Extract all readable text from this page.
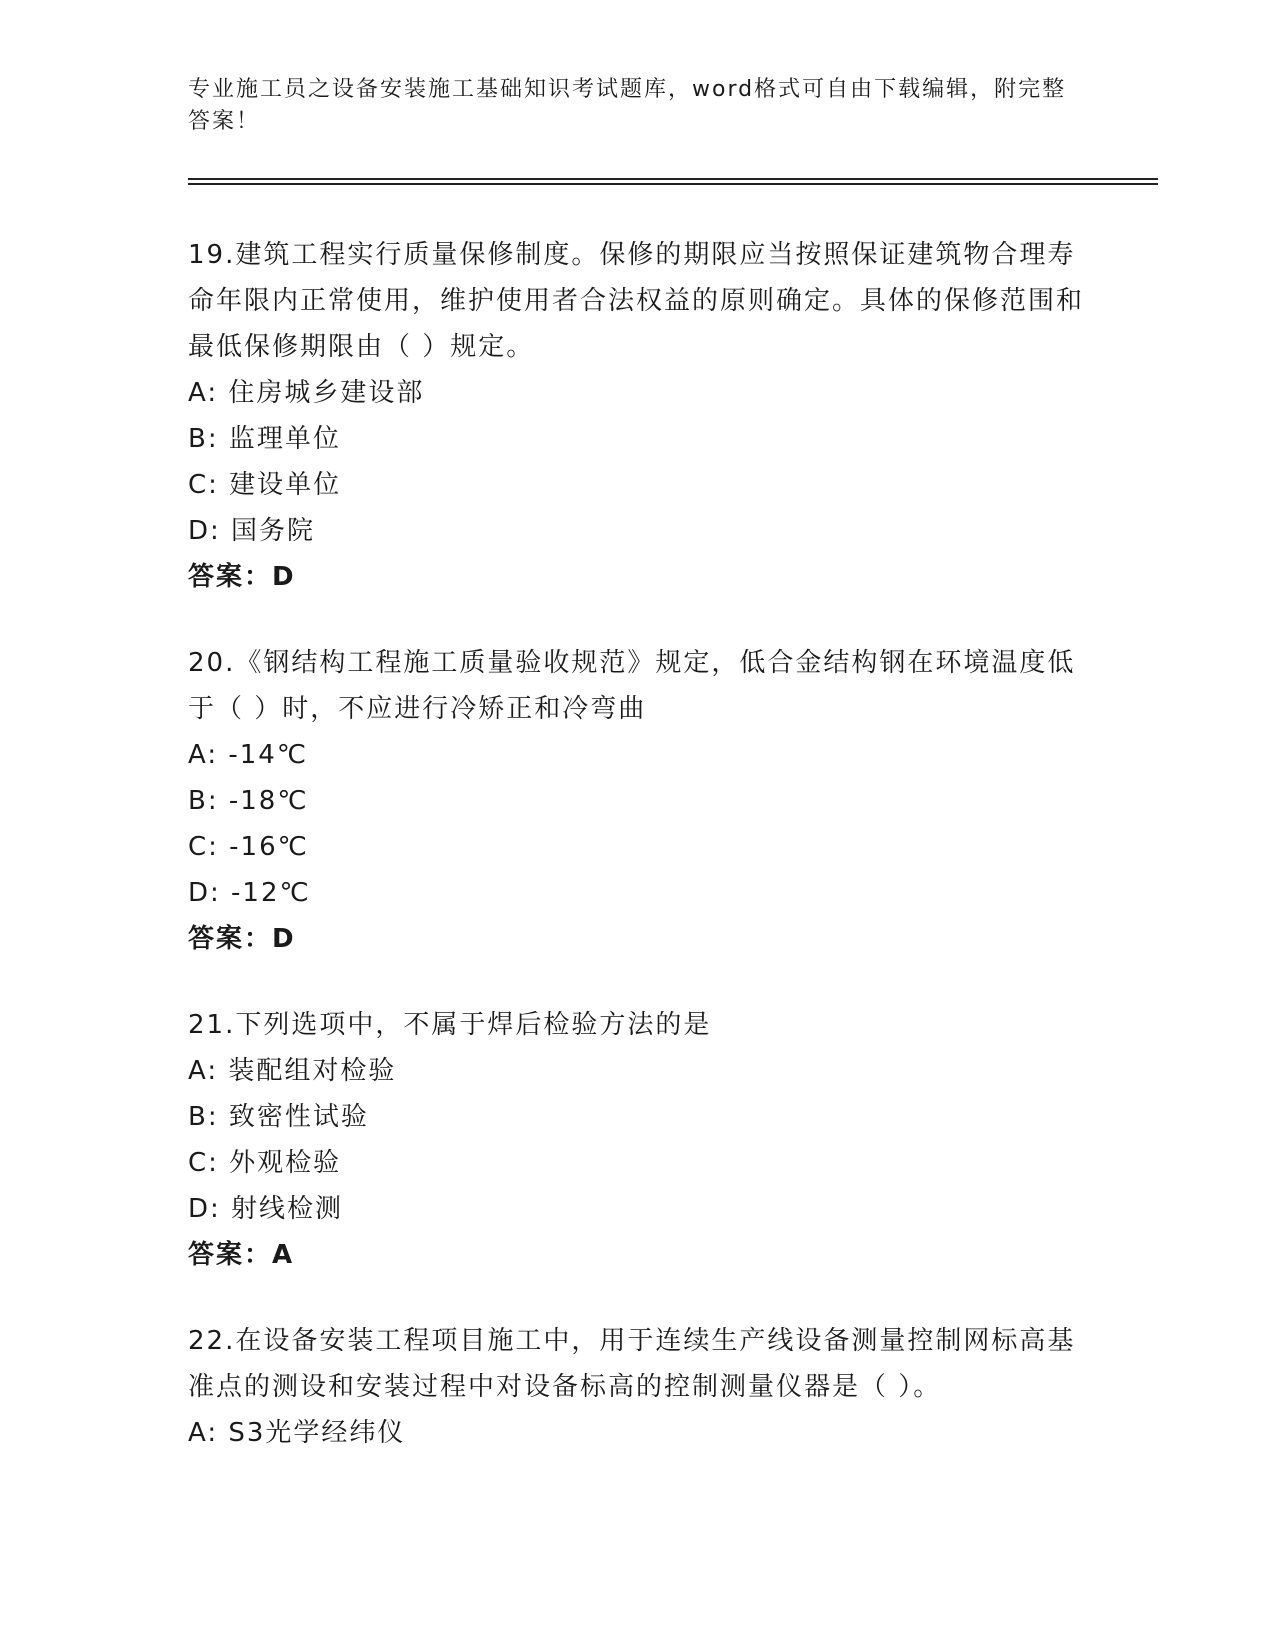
专业施工员之设备安装施工基础知识考试题库，word格式可自由下载编辑，附完整答案！
19.建筑工程实行质量保修制度。保修的期限应当按照保证建筑物合理寿命年限内正常使用，维护使用者合法权益的原则确定。具体的保修范围和最低保修期限由（ ）规定。
A: 住房城乡建设部
B: 监理单位
C: 建设单位
D: 国务院
答案：D
20.《钢结构工程施工质量验收规范》规定，低合金结构钢在环境温度低于（ ）时，不应进行冷矫正和冷弯曲
A: -14℃
B: -18℃
C: -16℃
D: -12℃
答案：D
21.下列选项中，不属于焊后检验方法的是
A: 装配组对检验
B: 致密性试验
C: 外观检验
D: 射线检测
答案：A
22.在设备安装工程项目施工中，用于连续生产线设备测量控制网标高基准点的测设和安装过程中对设备标高的控制测量仪器是（ ）。
A: S3光学经纬仪
